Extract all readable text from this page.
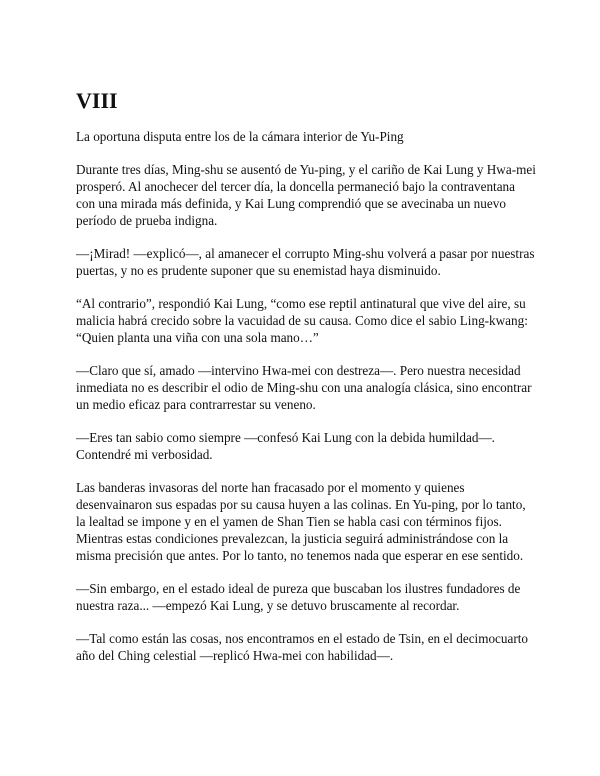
VIII

La oportuna disputa entre los de la cámara interior de Yu-Ping

Durante tres días, Ming-shu se ausentó de Yu-ping, y el cariño de Kai Lung y Hwa-mei prosperó. Al anochecer del tercer día, la doncella permaneció bajo la contraventana con una mirada más definida, y Kai Lung comprendió que se avecinaba un nuevo período de prueba indigna.

—¡Mirad! —explicó—, al amanecer el corrupto Ming-shu volverá a pasar por nuestras puertas, y no es prudente suponer que su enemistad haya disminuido.

“Al contrario”, respondió Kai Lung, “como ese reptil antinatural que vive del aire, su malicia habrá crecido sobre la vacuidad de su causa. Como dice el sabio Ling-kwang: “Quien planta una viña con una sola mano…”

—Claro que sí, amado —intervino Hwa-mei con destreza—. Pero nuestra necesidad inmediata no es describir el odio de Ming-shu con una analogía clásica, sino encontrar un medio eficaz para contrarrestar su veneno.

—Eres tan sabio como siempre —confesó Kai Lung con la debida humildad—. Contendré mi verbosidad.

Las banderas invasoras del norte han fracasado por el momento y quienes desenvainaron sus espadas por su causa huyen a las colinas. En Yu-ping, por lo tanto, la lealtad se impone y en el yamen de Shan Tien se habla casi con términos fijos. Mientras estas condiciones prevalezcan, la justicia seguirá administrándose con la misma precisión que antes. Por lo tanto, no tenemos nada que esperar en ese sentido.

—Sin embargo, en el estado ideal de pureza que buscaban los ilustres fundadores de nuestra raza... —empezó Kai Lung, y se detuvo bruscamente al recordar.

—Tal como están las cosas, nos encontramos en el estado de Tsin, en el decimocuarto año del Ching celestial —replicó Hwa-mei con habilidad—.
